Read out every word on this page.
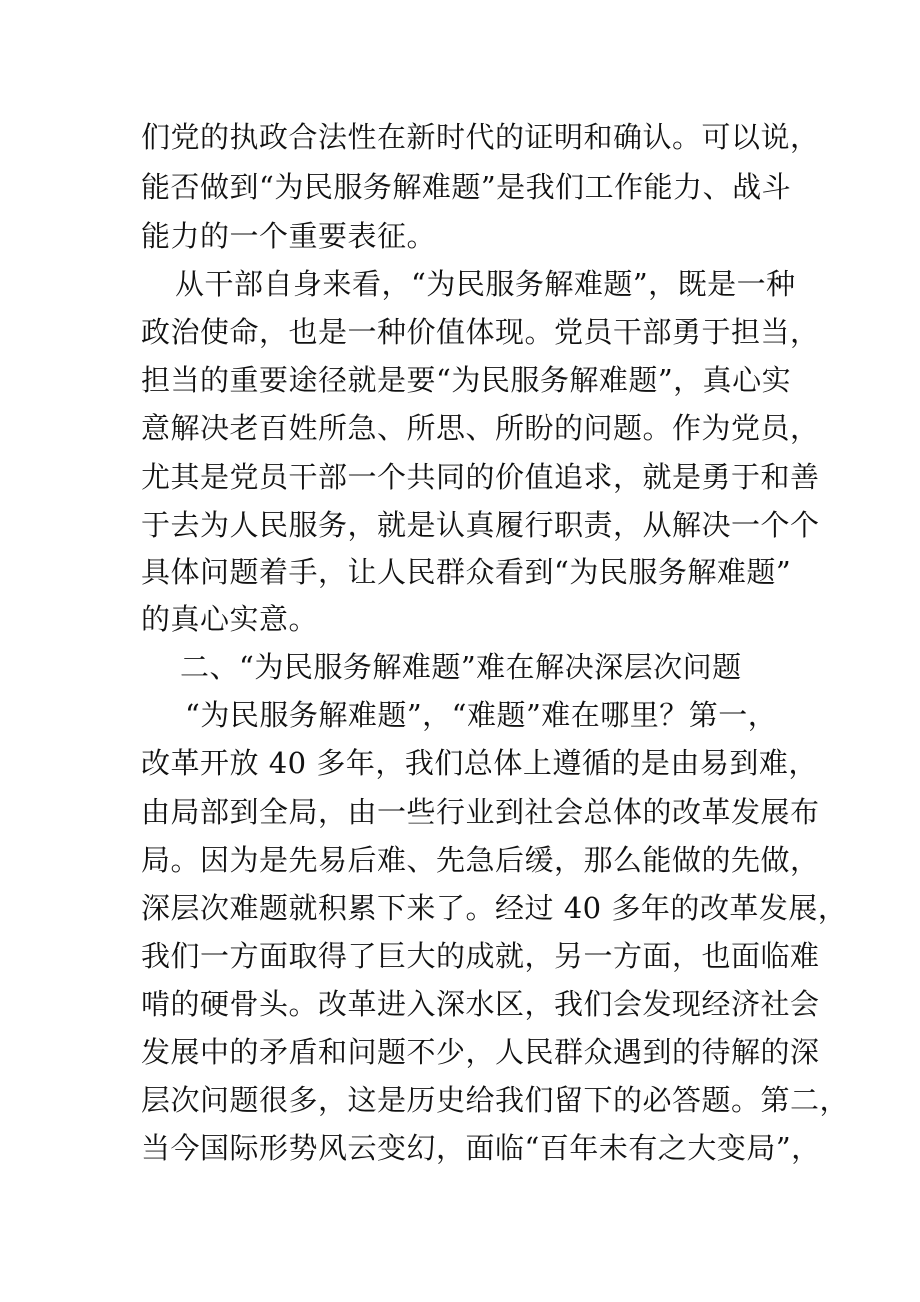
们党的执政合法性在新时代的证明和确认。可以说，
能否做到“为民服务解难题”是我们工作能力、战斗
能力的一个重要表征。
从干部自身来看，“为民服务解难题”，既是一种
政治使命，也是一种价值体现。党员干部勇于担当，
担当的重要途径就是要“为民服务解难题”，真心实
意解决老百姓所急、所思、所盼的问题。作为党员，
尤其是党员干部一个共同的价值追求，就是勇于和善
于去为人民服务，就是认真履行职责，从解决一个个
具体问题着手，让人民群众看到“为民服务解难题”
的真心实意。
二、“为民服务解难题”难在解决深层次问题
“为民服务解难题”，“难题”难在哪里？第一，
改革开放 40 多年，我们总体上遵循的是由易到难，
由局部到全局，由一些行业到社会总体的改革发展布
局。因为是先易后难、先急后缓，那么能做的先做，
深层次难题就积累下来了。经过 40 多年的改革发展，
我们一方面取得了巨大的成就，另一方面，也面临难
啃的硬骨头。改革进入深水区，我们会发现经济社会
发展中的矛盾和问题不少，人民群众遇到的待解的深
层次问题很多，这是历史给我们留下的必答题。第二，
当今国际形势风云变幻，面临“百年未有之大变局”，
